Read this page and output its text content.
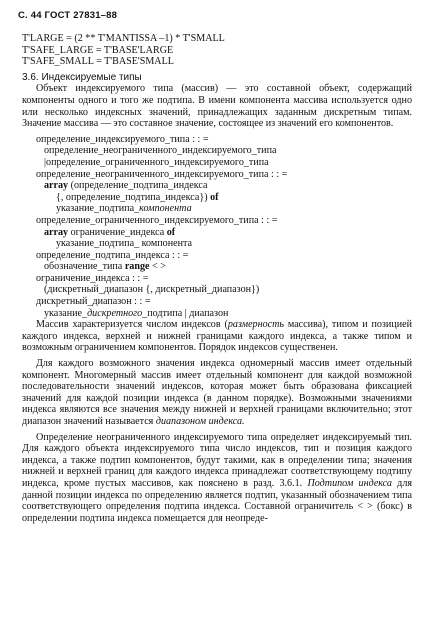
С. 44 ГОСТ 27831–88
T'LARGE = (2 ** T'MANTISSA –1) * T'SMALL
T'SAFE_LARGE = T'BASE'LARGE
T'SAFE_SMALL = T'BASE'SMALL
3.6. Индексируемые типы

Объект индексируемого типа (массив) — это составной объект, содержащий компоненты одного и того же подтипа. В имени компонента массива используется одно или несколько индексных значений, принадлежащих заданным дискретным типам. Значение массива — это составное значение, состоящее из значений его компонентов.

определение_индексируемого_типа : : =
определение_неограниченного_индексируемого_типа
|определение_ограниченного_индексируемого_типа
определение_неограниченного_индексируемого_типа : : =
array (определение_подтипа_индекса
{, определение_подтипа_индекса}) of
указание_подтипа_компонента
определение_ограниченного_индексируемого_типа : : =
array ограничение_индекса of
указание_подтипа_ компонента
определение_подтипа_индекса : : =
обозначение_типа range < >
ограничение_индекса : : =
(дискретный_диапазон {, дискретный_диапазон})
дискретный_диапазон : : =
указание_дискретного_подтипа | диапазон

Массив характеризуется числом индексов (размерность массива), типом и позицией каждого индекса, верхней и нижней границами каждого индекса, а также типом и возможным ограничением компонентов. Порядок индексов существенен.

Для каждого возможного значения индекса одномерный массив имеет отдельный компонент. Многомерный массив имеет отдельный компонент для каждой возможной последовательности значений индексов, которая может быть образована фиксацией значений для каждой позиции индекса (в данном порядке). Возможными значениями индекса являются все значения между нижней и верхней границами включительно; этот диапазон значений называется диапазоном индекса.

Определение неограниченного индексируемого типа определяет индексируемый тип. Для каждого объекта индексируемого типа число индексов, тип и позиция каждого индекса, а также подтип компонентов, будут такими, как в определении типа; значения нижней и верхней границ для каждого индекса принадлежат соответствующему подтипу индекса, кроме пустых массивов, как пояснено в разд. 3.6.1. Подтипом индекса для данной позиции индекса по определению является подтип, указанный обозначением типа соответствующего определения подтипа индекса. Составной ограничитель < > (бокс) в определении подтипа индекса помещается для неопреде-
